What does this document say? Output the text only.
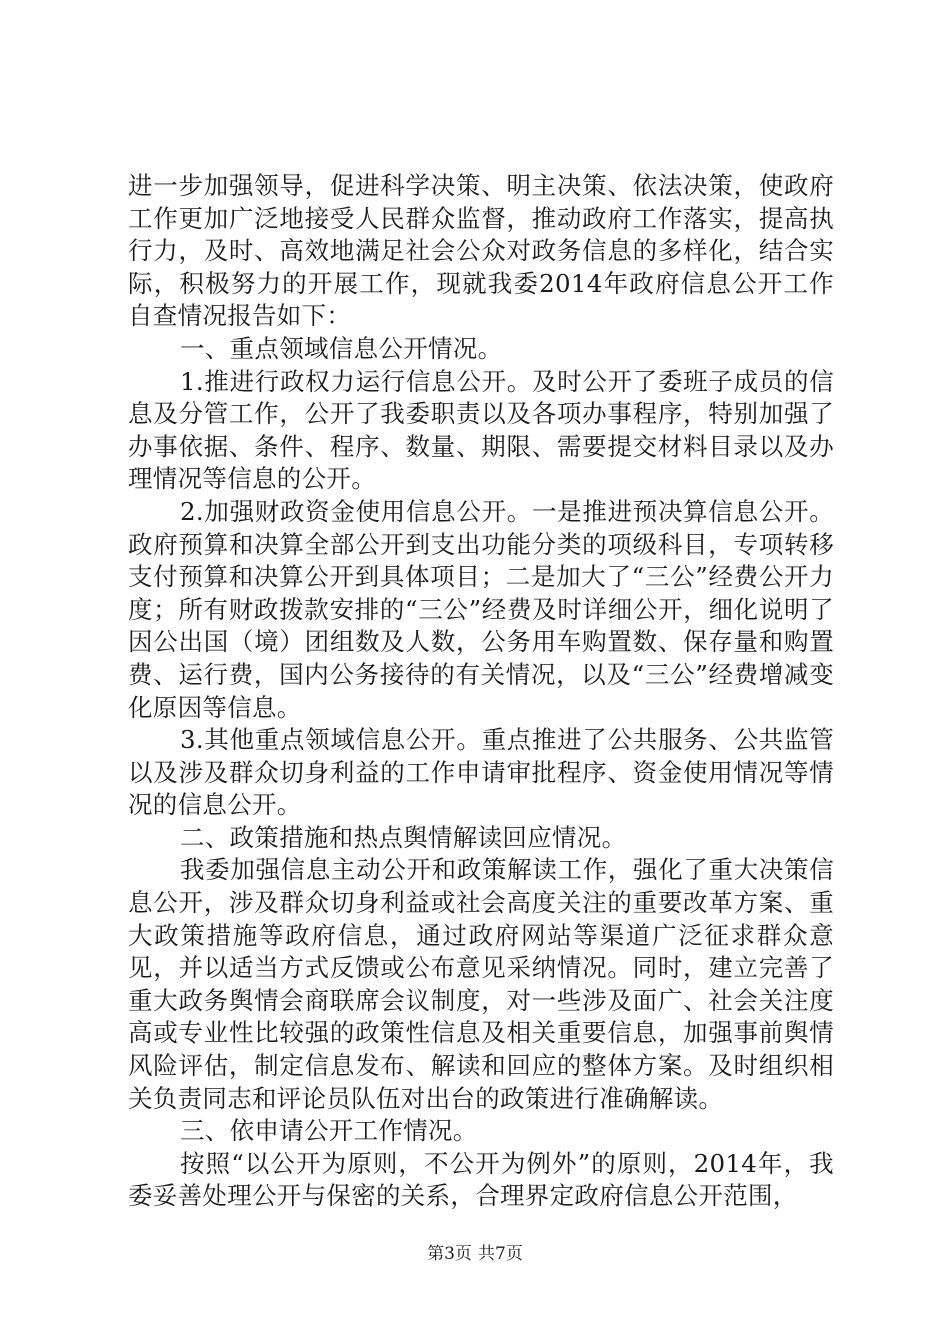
进一步加强领导，促进科学决策、明主决策、依法决策，使政府工作更加广泛地接受人民群众监督，推动政府工作落实，提高执行力，及时、高效地满足社会公众对政务信息的多样化，结合实际，积极努力的开展工作，现就我委2014年政府信息公开工作自查情况报告如下：

一、重点领域信息公开情况。

1.推进行政权力运行信息公开。及时公开了委班子成员的信息及分管工作，公开了我委职责以及各项办事程序，特别加强了办事依据、条件、程序、数量、期限、需要提交材料目录以及办理情况等信息的公开。

2.加强财政资金使用信息公开。一是推进预决算信息公开。政府预算和决算全部公开到支出功能分类的项级科目，专项转移支付预算和决算公开到具体项目；二是加大了“三公”经费公开力度；所有财政拨款安排的“三公”经费及时详细公开，细化说明了因公出国（境）团组数及人数，公务用车购置数、保存量和购置费、运行费，国内公务接待的有关情况，以及“三公”经费增减变化原因等信息。

3.其他重点领域信息公开。重点推进了公共服务、公共监管以及涉及群众切身利益的工作申请审批程序、资金使用情况等情况的信息公开。

二、政策措施和热点舆情解读回应情况。

我委加强信息主动公开和政策解读工作，强化了重大决策信息公开，涉及群众切身利益或社会高度关注的重要改革方案、重大政策措施等政府信息，通过政府网站等渠道广泛征求群众意见，并以适当方式反馈或公布意见采纳情况。同时，建立完善了重大政务舆情会商联席会议制度，对一些涉及面广、社会关注度高或专业性比较强的政策性信息及相关重要信息，加强事前舆情风险评估，制定信息发布、解读和回应的整体方案。及时组织相关负责同志和评论员队伍对出台的政策进行准确解读。

三、依申请公开工作情况。

按照“以公开为原则，不公开为例外”的原则，2014年，我委妥善处理公开与保密的关系，合理界定政府信息公开范围，

第3页 共7页
